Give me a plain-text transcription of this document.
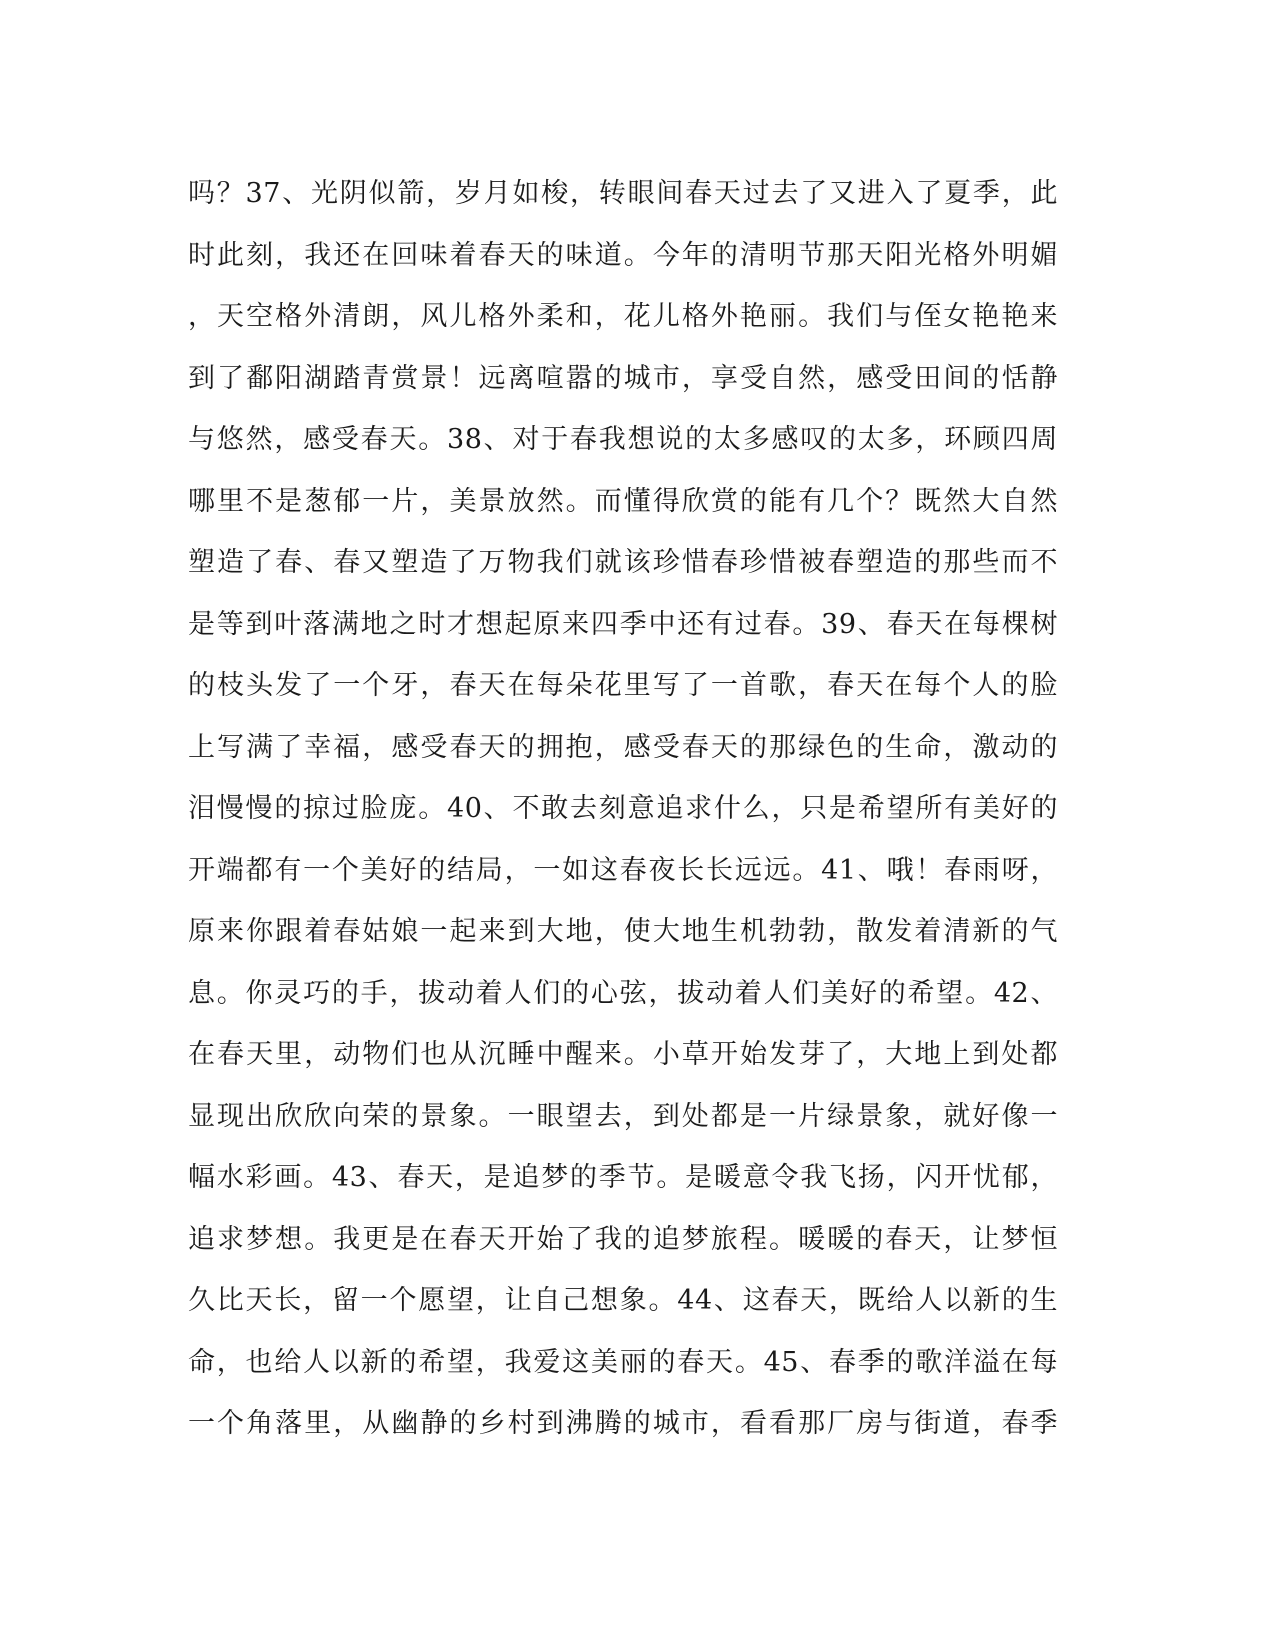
吗？37、光阴似箭，岁月如梭，转眼间春天过去了又进入了夏季，此
时此刻，我还在回味着春天的味道。今年的清明节那天阳光格外明媚
，天空格外清朗，风儿格外柔和，花儿格外艳丽。我们与侄女艳艳来
到了鄱阳湖踏青赏景！远离喧嚣的城市，享受自然，感受田间的恬静
与悠然，感受春天。38、对于春我想说的太多感叹的太多，环顾四周
哪里不是葱郁一片，美景放然。而懂得欣赏的能有几个？既然大自然
塑造了春、春又塑造了万物我们就该珍惜春珍惜被春塑造的那些而不
是等到叶落满地之时才想起原来四季中还有过春。39、春天在每棵树
的枝头发了一个牙，春天在每朵花里写了一首歌，春天在每个人的脸
上写满了幸福，感受春天的拥抱，感受春天的那绿色的生命，激动的
泪慢慢的掠过脸庞。40、不敢去刻意追求什么，只是希望所有美好的
开端都有一个美好的结局，一如这春夜长长远远。41、哦！春雨呀，
原来你跟着春姑娘一起来到大地，使大地生机勃勃，散发着清新的气
息。你灵巧的手，拔动着人们的心弦，拔动着人们美好的希望。42、
在春天里，动物们也从沉睡中醒来。小草开始发芽了，大地上到处都
显现出欣欣向荣的景象。一眼望去，到处都是一片绿景象，就好像一
幅水彩画。43、春天，是追梦的季节。是暖意令我飞扬，闪开忧郁，
追求梦想。我更是在春天开始了我的追梦旅程。暖暖的春天，让梦恒
久比天长，留一个愿望，让自己想象。44、这春天，既给人以新的生
命，也给人以新的希望，我爱这美丽的春天。45、春季的歌洋溢在每
一个角落里，从幽静的乡村到沸腾的城市，看看那厂房与街道，春季
